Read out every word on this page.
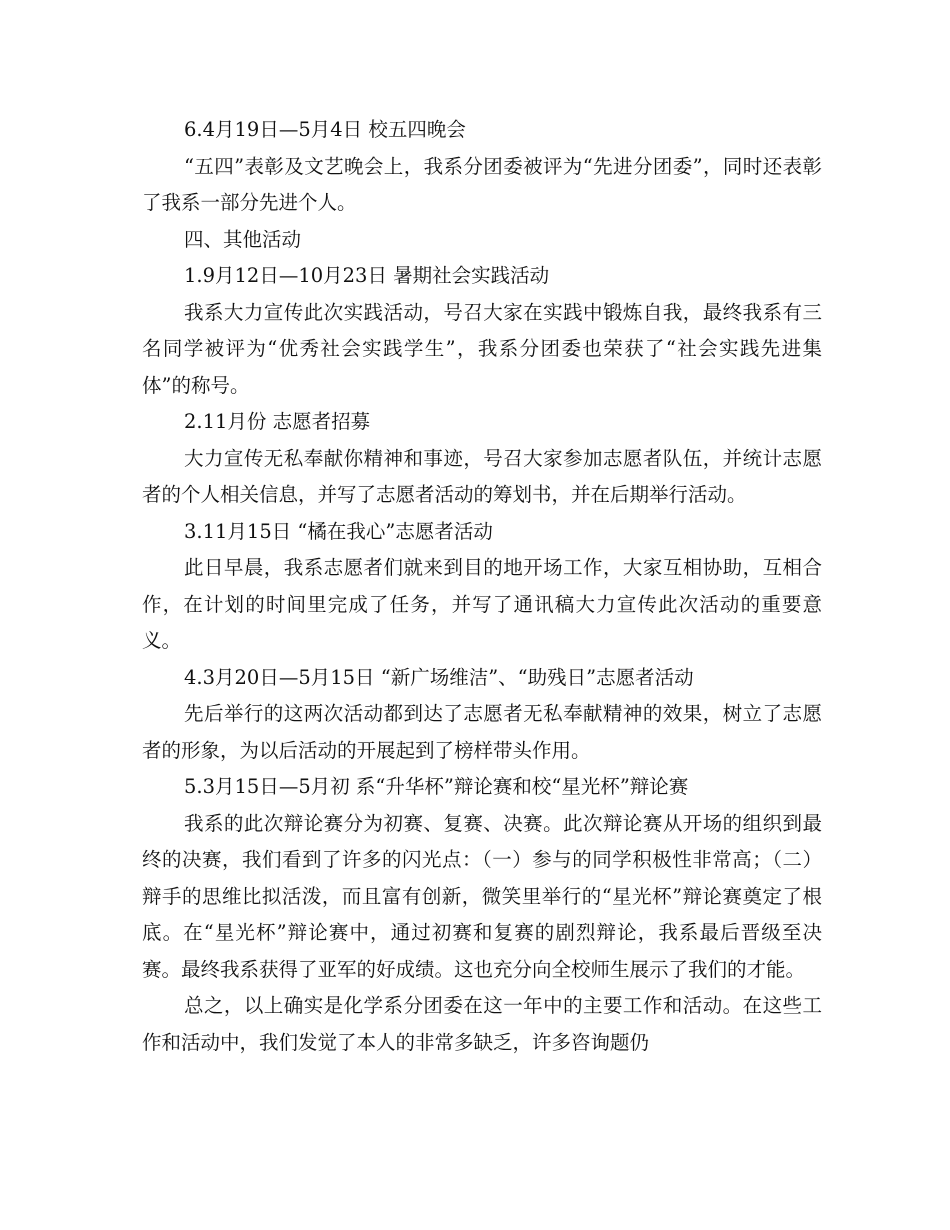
6.4月19日—5月4日 校五四晚会

“五四”表彰及文艺晚会上，我系分团委被评为“先进分团委”，同时还表彰了我系一部分先进个人。

四、其他活动

1.9月12日—10月23日 暑期社会实践活动

我系大力宣传此次实践活动，号召大家在实践中锻炼自我，最终我系有三名同学被评为“优秀社会实践学生”，我系分团委也荣获了“社会实践先进集体”的称号。

2.11月份 志愿者招募

大力宣传无私奉献你精神和事迹，号召大家参加志愿者队伍，并统计志愿者的个人相关信息，并写了志愿者活动的筹划书，并在后期举行活动。

3.11月15日 “橘在我心”志愿者活动

此日早晨，我系志愿者们就来到目的地开场工作，大家互相协助，互相合作，在计划的时间里完成了任务，并写了通讯稿大力宣传此次活动的重要意义。

4.3月20日—5月15日 “新广场维洁”、“助残日”志愿者活动

先后举行的这两次活动都到达了志愿者无私奉献精神的效果，树立了志愿者的形象，为以后活动的开展起到了榜样带头作用。

5.3月15日—5月初 系“升华杯”辩论赛和校“星光杯”辩论赛

我系的此次辩论赛分为初赛、复赛、决赛。此次辩论赛从开场的组织到最终的决赛，我们看到了许多的闪光点：（一）参与的同学积极性非常高；（二）辩手的思维比拟活泼，而且富有创新，微笑里举行的“星光杯”辩论赛奠定了根底。在“星光杯”辩论赛中，通过初赛和复赛的剧烈辩论，我系最后晋级至决赛。最终我系获得了亚军的好成绩。这也充分向全校师生展示了我们的才能。

总之，以上确实是化学系分团委在这一年中的主要工作和活动。在这些工作和活动中，我们发觉了本人的非常多缺乏，许多咨询题仍
